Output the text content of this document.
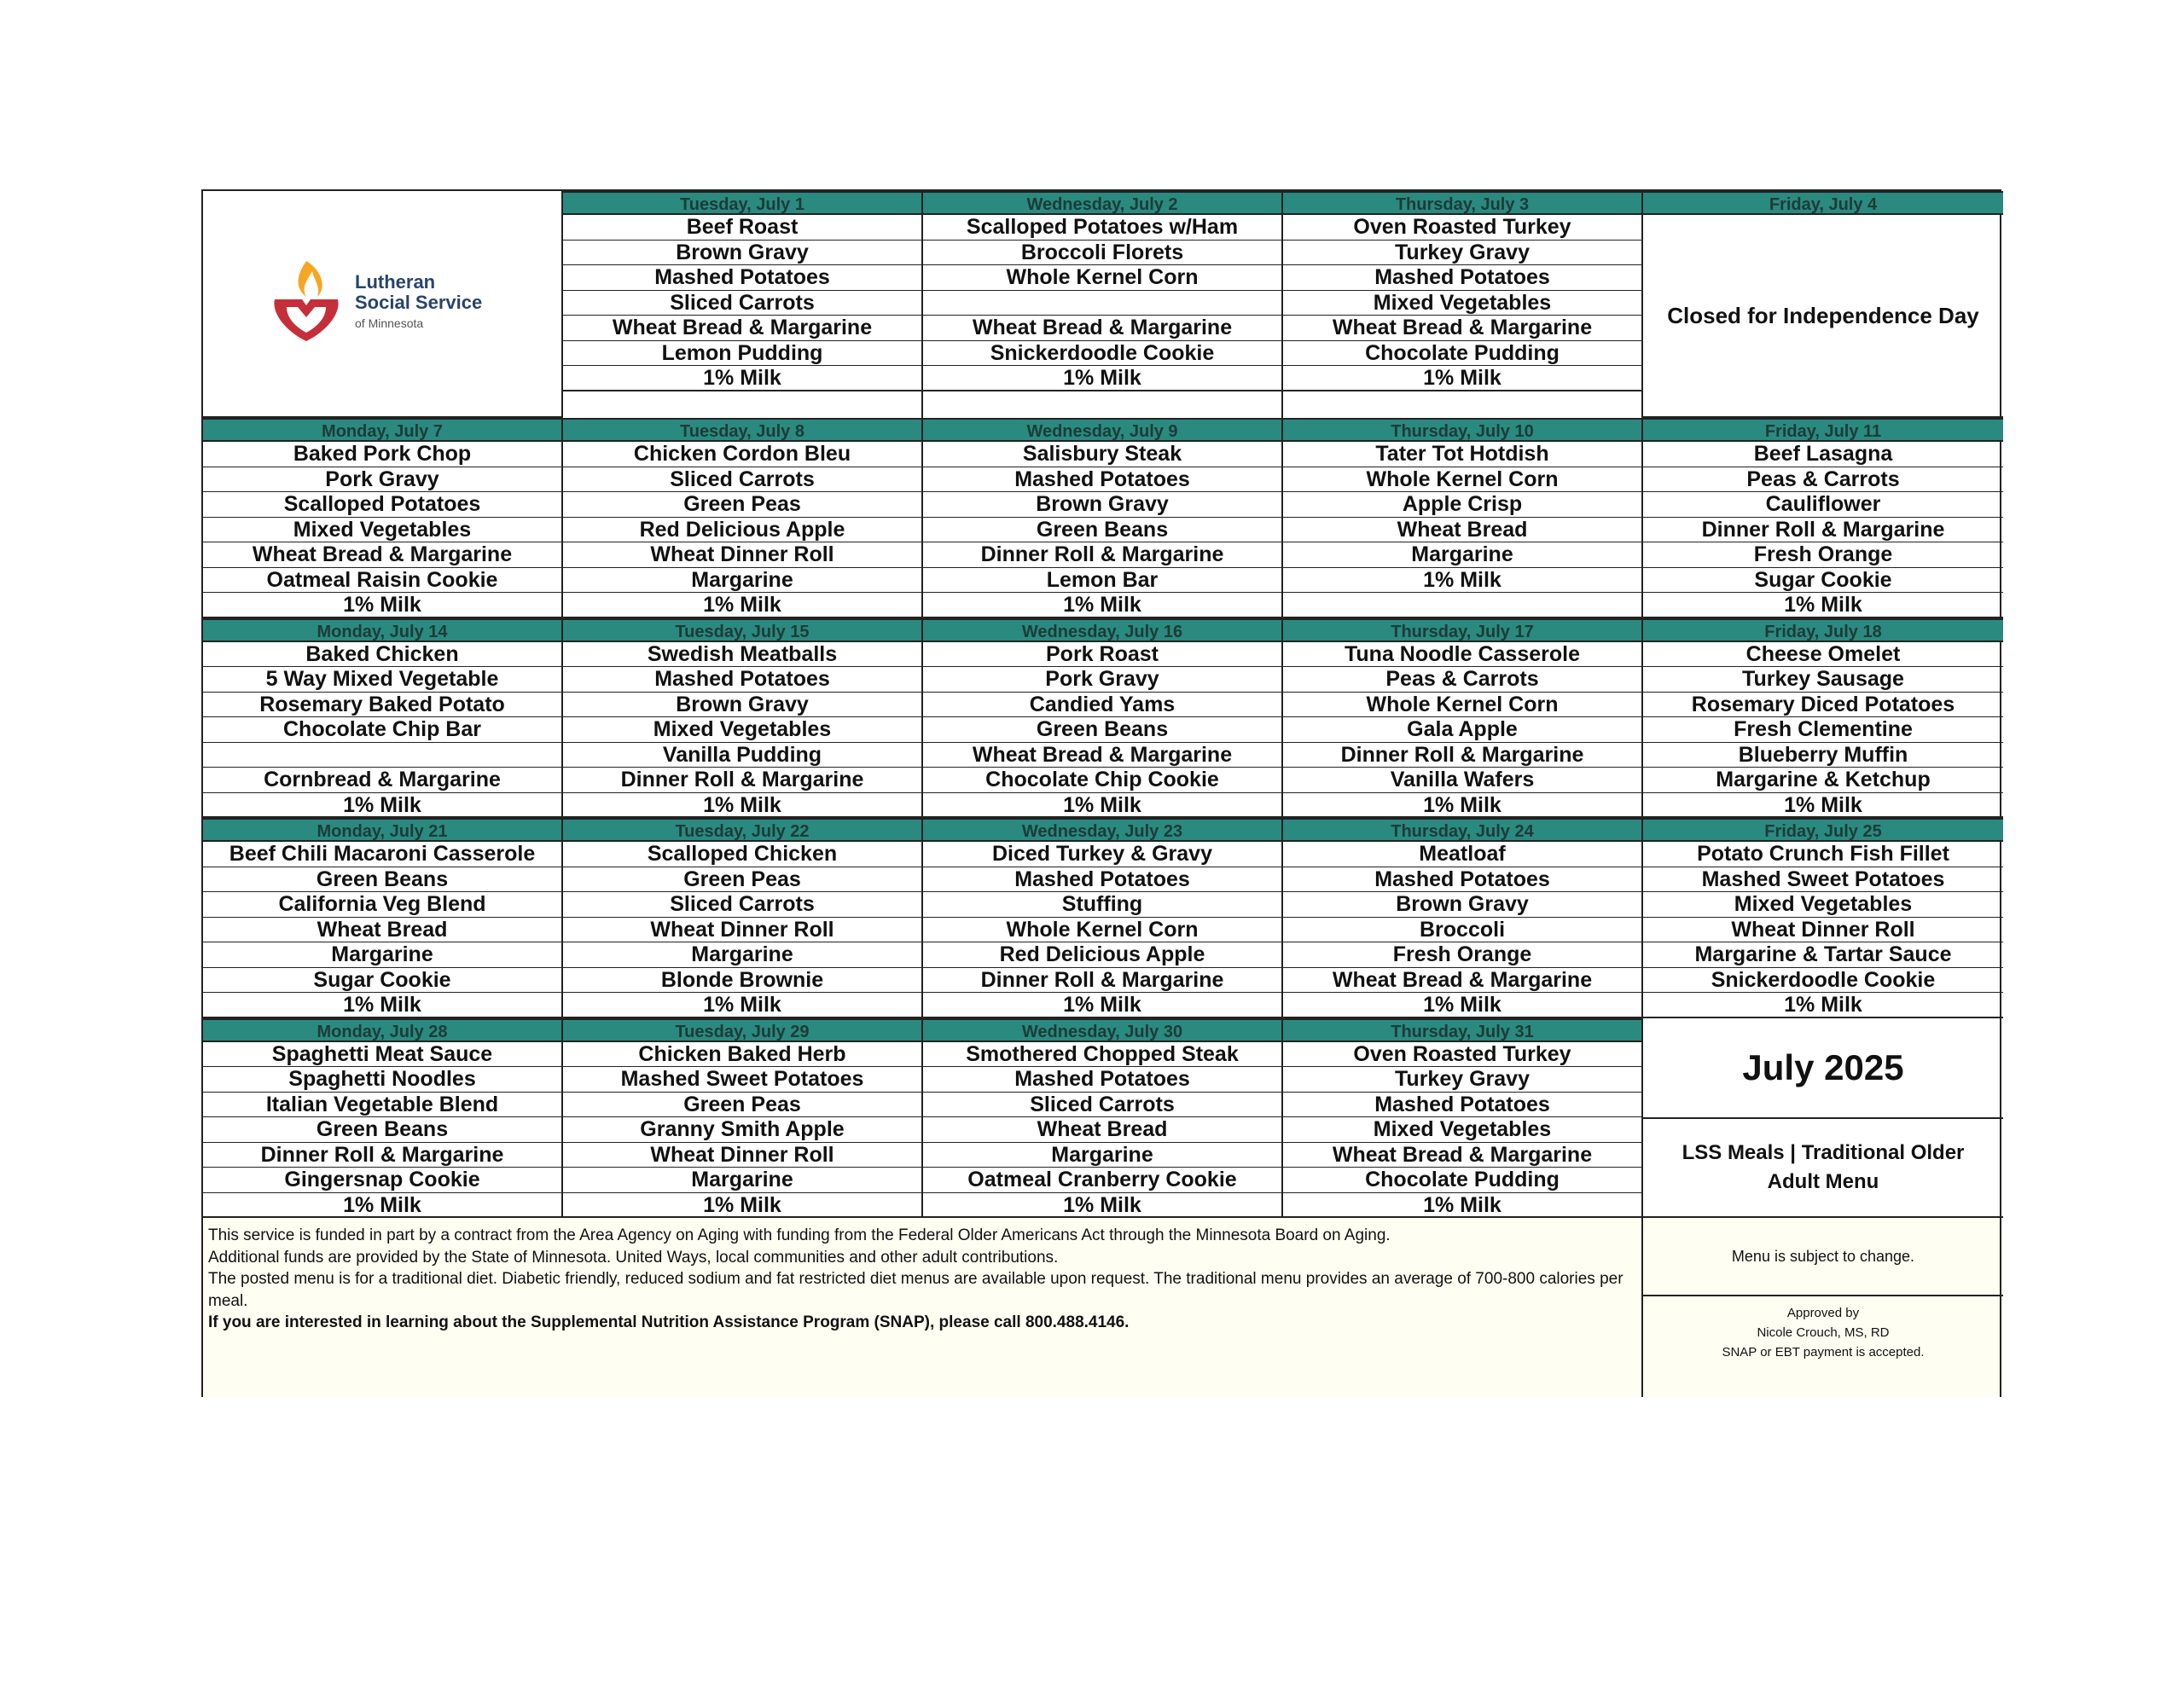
Lutheran
Social Service
of Minnesota
Tuesday, July 1
Beef Roast
Brown Gravy
Mashed Potatoes
Sliced Carrots
Wheat Bread & Margarine
Lemon Pudding
1% Milk
Wednesday, July 2
Scalloped Potatoes w/Ham
Broccoli Florets
Whole Kernel Corn
Wheat Bread & Margarine
Snickerdoodle Cookie
1% Milk
Thursday, July 3
Oven Roasted Turkey
Turkey Gravy
Mashed Potatoes
Mixed Vegetables
Wheat Bread & Margarine
Chocolate Pudding
1% Milk
Friday, July 4
Closed for Independence Day
Monday, July 7
Baked Pork Chop
Pork Gravy
Scalloped Potatoes
Mixed Vegetables
Wheat Bread & Margarine
Oatmeal Raisin Cookie
1% Milk
Tuesday, July 8
Chicken Cordon Bleu
Sliced Carrots
Green Peas
Red Delicious Apple
Wheat Dinner Roll
Margarine
1% Milk
Wednesday, July 9
Salisbury Steak
Mashed Potatoes
Brown Gravy
Green Beans
Dinner Roll & Margarine
Lemon Bar
1% Milk
Thursday, July 10
Tater Tot Hotdish
Whole Kernel Corn
Apple Crisp
Wheat Bread
Margarine
1% Milk
Friday, July 11
Beef Lasagna
Peas & Carrots
Cauliflower
Dinner Roll & Margarine
Fresh Orange
Sugar Cookie
1% Milk
Monday, July 14
Baked Chicken
5 Way Mixed Vegetable
Rosemary Baked Potato
Chocolate Chip Bar
Cornbread & Margarine
1% Milk
Tuesday, July 15
Swedish Meatballs
Mashed Potatoes
Brown Gravy
Mixed Vegetables
Vanilla Pudding
Dinner Roll & Margarine
1% Milk
Wednesday, July 16
Pork Roast
Pork Gravy
Candied Yams
Green Beans
Wheat Bread & Margarine
Chocolate Chip Cookie
1% Milk
Thursday, July 17
Tuna Noodle Casserole
Peas & Carrots
Whole Kernel Corn
Gala Apple
Dinner Roll & Margarine
Vanilla Wafers
1% Milk
Friday, July 18
Cheese Omelet
Turkey Sausage
Rosemary Diced Potatoes
Fresh Clementine
Blueberry Muffin
Margarine & Ketchup
1% Milk
Monday, July 21
Beef Chili Macaroni Casserole
Green Beans
California Veg Blend
Wheat Bread
Margarine
Sugar Cookie
1% Milk
Tuesday, July 22
Scalloped Chicken
Green Peas
Sliced Carrots
Wheat Dinner Roll
Margarine
Blonde Brownie
1% Milk
Wednesday, July 23
Diced Turkey & Gravy
Mashed Potatoes
Stuffing
Whole Kernel Corn
Red Delicious Apple
Dinner Roll & Margarine
1% Milk
Thursday, July 24
Meatloaf
Mashed Potatoes
Brown Gravy
Broccoli
Fresh Orange
Wheat Bread & Margarine
1% Milk
Friday, July 25
Potato Crunch Fish Fillet
Mashed Sweet Potatoes
Mixed Vegetables
Wheat Dinner Roll
Margarine & Tartar Sauce
Snickerdoodle Cookie
1% Milk
Monday, July 28
Spaghetti Meat Sauce
Spaghetti Noodles
Italian Vegetable Blend
Green Beans
Dinner Roll & Margarine
Gingersnap Cookie
1% Milk
Tuesday, July 29
Chicken Baked Herb
Mashed Sweet Potatoes
Green Peas
Granny Smith Apple
Wheat Dinner Roll
Margarine
1% Milk
Wednesday, July 30
Smothered Chopped Steak
Mashed Potatoes
Sliced Carrots
Wheat Bread
Margarine
Oatmeal Cranberry Cookie
1% Milk
Thursday, July 31
Oven Roasted Turkey
Turkey Gravy
Mashed Potatoes
Mixed Vegetables
Wheat Bread & Margarine
Chocolate Pudding
1% Milk
July 2025
LSS Meals | Traditional Older Adult Menu
This service is funded in part by a contract from the Area Agency on Aging with funding from the Federal Older Americans Act through the Minnesota Board on Aging.
Additional funds are provided by the State of Minnesota. United Ways, local communities and other adult contributions.
The posted menu is for a traditional diet. Diabetic friendly, reduced sodium and fat restricted diet menus are available upon request. The traditional menu provides an average of 700-800 calories per meal.
If you are interested in learning about the Supplemental Nutrition Assistance Program (SNAP), please call 800.488.4146.
Menu is subject to change.
Approved by
Nicole Crouch, MS, RD
SNAP or EBT payment is accepted.
